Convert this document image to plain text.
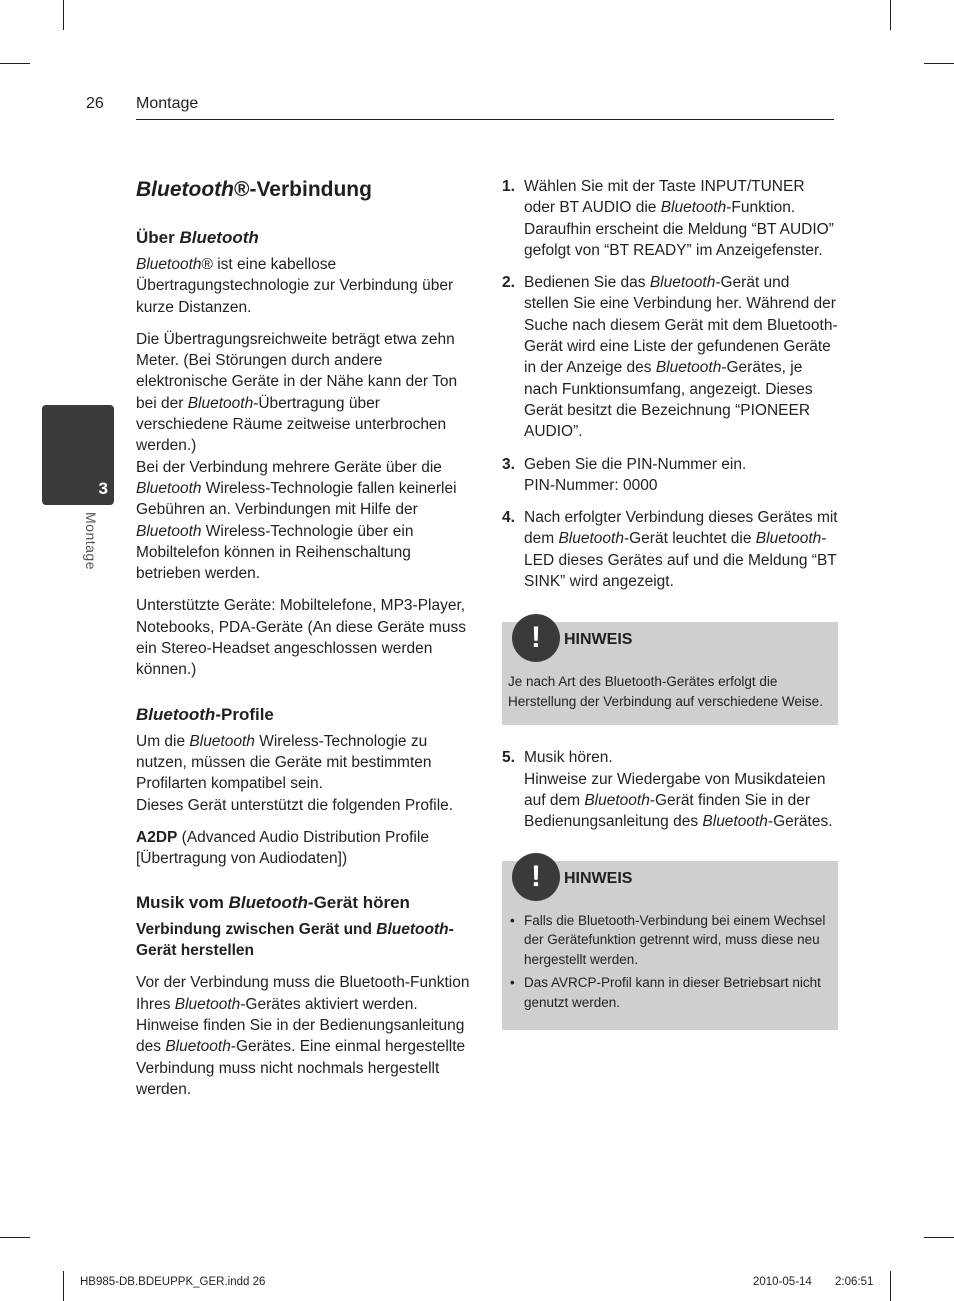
26 Montage
3
Montage
Bluetooth®-Verbindung
Über Bluetooth

Bluetooth® ist eine kabellose Übertragungstechnologie zur Verbindung über kurze Distanzen.

Die Übertragungsreichweite beträgt etwa zehn Meter. (Bei Störungen durch andere elektronische Geräte in der Nähe kann der Ton bei der Bluetooth-Übertragung über verschiedene Räume zeitweise unterbrochen werden.)
Bei der Verbindung mehrere Geräte über die Bluetooth Wireless-Technologie fallen keinerlei Gebühren an. Verbindungen mit Hilfe der Bluetooth Wireless-Technologie über ein Mobiltelefon können in Reihenschaltung betrieben werden.

Unterstützte Geräte: Mobiltelefone, MP3-Player, Notebooks, PDA-Geräte (An diese Geräte muss ein Stereo-Headset angeschlossen werden können.)

Bluetooth-Profile

Um die Bluetooth Wireless-Technologie zu nutzen, müssen die Geräte mit bestimmten Profilarten kompatibel sein.
Dieses Gerät unterstützt die folgenden Profile.

A2DP (Advanced Audio Distribution Profile [Übertragung von Audiodaten])

Musik vom Bluetooth-Gerät hören
Verbindung zwischen Gerät und Bluetooth-Gerät herstellen

Vor der Verbindung muss die Bluetooth-Funktion Ihres Bluetooth-Gerätes aktiviert werden. Hinweise finden Sie in der Bedienungsanleitung des Bluetooth-Gerätes. Eine einmal hergestellte Verbindung muss nicht nochmals hergestellt werden.

1. Wählen Sie mit der Taste INPUT/TUNER oder BT AUDIO die Bluetooth-Funktion. Daraufhin erscheint die Meldung “BT AUDIO” gefolgt von “BT READY” im Anzeigefenster.
2. Bedienen Sie das Bluetooth-Gerät und stellen Sie eine Verbindung her. Während der Suche nach diesem Gerät mit dem Bluetooth-Gerät wird eine Liste der gefundenen Geräte in der Anzeige des Bluetooth-Gerätes, je nach Funktionsumfang, angezeigt. Dieses Gerät besitzt die Bezeichnung “PIONEER AUDIO”.
3. Geben Sie die PIN-Nummer ein.
PIN-Nummer: 0000
4. Nach erfolgter Verbindung dieses Gerätes mit dem Bluetooth-Gerät leuchtet die Bluetooth-LED dieses Gerätes auf und die Meldung “BT SINK” wird angezeigt.
!	HINWEIS
Je nach Art des Bluetooth-Gerätes erfolgt die Herstellung der Verbindung auf verschiedene Weise.
5. Musik hören.
Hinweise zur Wiedergabe von Musikdateien auf dem Bluetooth-Gerät finden Sie in der Bedienungsanleitung des Bluetooth-Gerätes.
!	HINWEIS
• Falls die Bluetooth-Verbindung bei einem Wechsel der Gerätefunktion getrennt wird, muss diese neu hergestellt werden.
• Das AVRCP-Profil kann in dieser Betriebsart nicht genutzt werden.
HB985-DB.BDEUPPK_GER.indd 26	2010-05-14 2:06:51
